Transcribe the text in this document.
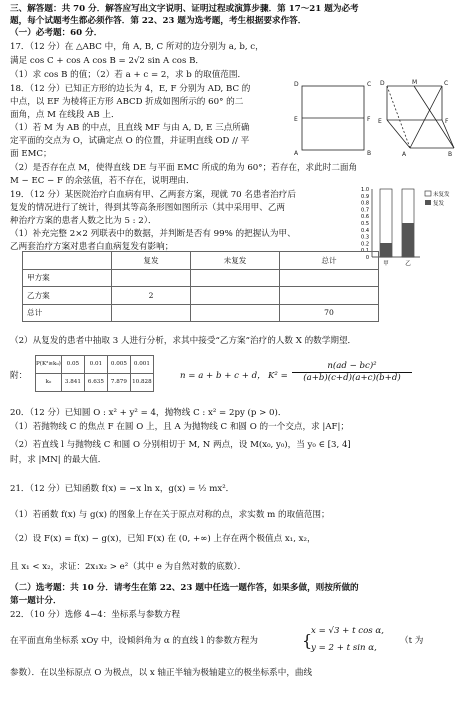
三、解答题：共 70 分．解答应写出文字说明、证明过程或演算步骤．第 17～21 题为必考
题，每个试题考生都必须作答．第 22、23 题为选考题，考生根据要求作答．
（一）必考题：60 分．
17．（12 分）在 △ABC 中，角 A, B, C 所对的边分别为 a, b, c，
满足 cos C + cos A cos B = 2√2 sin A cos B．
（1）求 cos B 的值；（2）若 a + c = 2，求 b 的取值范围．
18．（12 分）已知正方形的边长为 4，E, F 分别为 AD, BC 的
中点，以 EF 为棱将正方形 ABCD 折成如图所示的 60° 的二
面角，点 M 在线段 AB 上．
（1）若 M 为 AB 的中点，且直线 MF 与由 A, D, E 三点所确
定平面的交点为 O，试确定点 O 的位置，并证明直线 OD // 平
面 EMC；
（2）是否存在点 M，使得直线 DE 与平面 EMC 所成的角为 60°；若存在，求此时二面角
M − EC − F 的余弦值，若不存在，说明理由．
D	C
E	F
A	B
D	C
E	F
A	B
M
19．（12 分）某医院治疗白血病有甲、乙两套方案，现就 70 名患者治疗后
复发的情况进行了统计，得到其等高条形图如图所示（其中采用甲、乙两
种治疗方案的患者人数之比为 5 : 2）．
（1）补充完整 2×2 列联表中的数据，并判断是否有 99% 的把握认为甲、
乙两套治疗方案对患者白血病复发有影响；
1.0
0.9
0.8
0.7
0.6
0.5
0.4
0.3
0.2
0.1
0
甲	乙
未复发
复发
	复发	未复发	总计
甲方案			
乙方案	2		
总计			70
（2）从复发的患者中抽取 3 人进行分析，求其中接受“乙方案”治疗的人数 X 的数学期望．
附：
P(K²≥k₀)	0.05	0.01	0.005	0.001
k₀	3.841	6.635	7.879	10.828
n = a + b + c + d， $K^2 = \frac{\text{n(ad − bc)²}}{(a+b)(c+d)(a+c)(b+d)}$
20．（12 分）已知圆 O : x² + y² = 4，抛物线 C : x² = 2py (p > 0)．
（1）若抛物线 C 的焦点 F 在圆 O 上，且 A 为抛物线 C 和圆 O 的一个交点，求 |AF|；
（2）若直线 l 与抛物线 C 和圆 O 分别相切于 M, N 两点，设 M(x₀, y₀)，当 y₀ ∈ [3, 4]
时，求 |MN| 的最大值．
21．（12 分）已知函数 f(x) = −x ln x，g(x) = ½ mx²．
（1）若函数 f(x) 与 g(x) 的图象上存在关于原点对称的点，求实数 m 的取值范围；
（2）设 F(x) = f(x) − g(x)，已知 F(x) 在 (0, +∞) 上存在两个极值点 x₁, x₂，
且 x₁ < x₂，求证：2x₁x₂ > e²（其中 e 为自然对数的底数）．
（二）选考题：共 10 分．请考生在第 22、23 题中任选一题作答，如果多做，则按所做的
第一题计分．
22．（10 分）选修 4−4：坐标系与参数方程
在平面直角坐标系 xOy 中，设倾斜角为 α 的直线 l 的参数方程为	{
x = √3 + t cos α,
y = 2 + t sin α,
（t 为
参数）．在以坐标原点 O 为极点，以 x 轴正半轴为极轴建立的极坐标系中，曲线
